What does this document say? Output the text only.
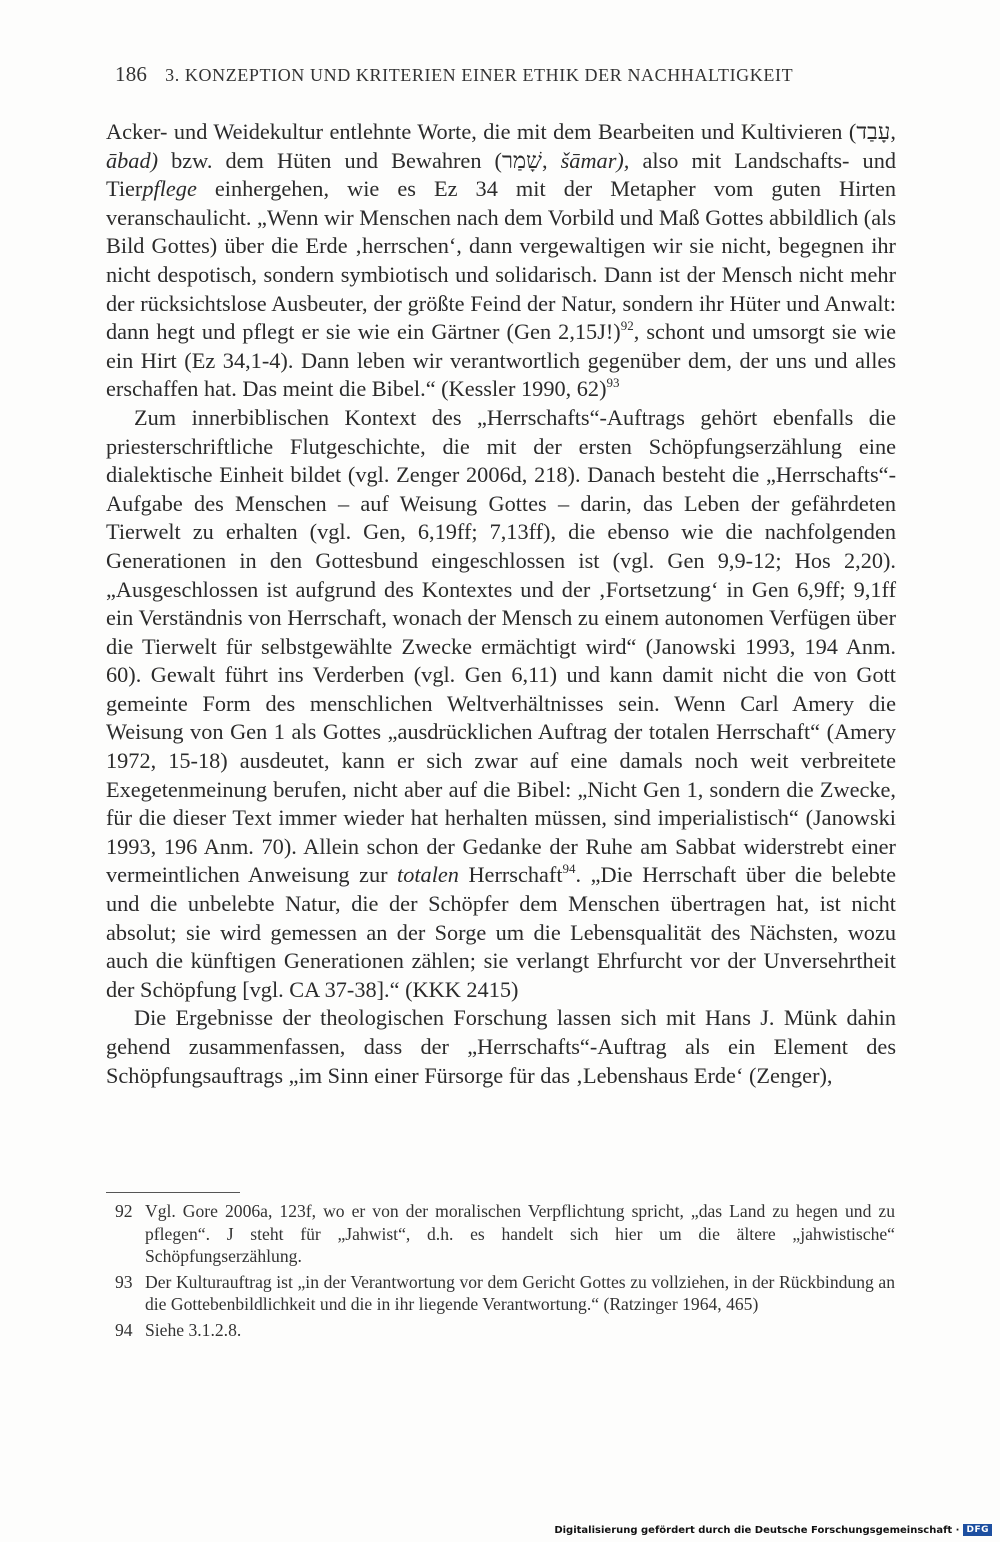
186 3. KONZEPTION UND KRITERIEN EINER ETHIK DER NACHHALTIGKEIT

Acker- und Weidekultur entlehnte Worte, die mit dem Bearbeiten und Kultivieren (עָבַד, ābad) bzw. dem Hüten und Bewahren (שָׁמַר, šāmar), also mit Landschafts- und Tierpflege einhergehen, wie es Ez 34 mit der Metapher vom guten Hirten veranschaulicht. „Wenn wir Menschen nach dem Vorbild und Maß Gottes abbildlich (als Bild Gottes) über die Erde ‚herrschen‘, dann vergewaltigen wir sie nicht, begegnen ihr nicht despotisch, sondern symbiotisch und solidarisch. Dann ist der Mensch nicht mehr der rücksichtslose Ausbeuter, der größte Feind der Natur, sondern ihr Hüter und Anwalt: dann hegt und pflegt er sie wie ein Gärtner (Gen 2,15J!)$^{92}$, schont und umsorgt sie wie ein Hirt (Ez 34,1-4). Dann leben wir verantwortlich gegenüber dem, der uns und alles erschaffen hat. Das meint die Bibel.“ (Kessler 1990, 62)$^{93}$

Zum innerbiblischen Kontext des „Herrschafts“-Auftrags gehört ebenfalls die priesterschriftliche Flutgeschichte, die mit der ersten Schöpfungserzählung eine dialektische Einheit bildet (vgl. Zenger 2006d, 218). Danach besteht die „Herrschafts“-Aufgabe des Menschen – auf Weisung Gottes – darin, das Leben der gefährdeten Tierwelt zu erhalten (vgl. Gen, 6,19ff; 7,13ff), die ebenso wie die nachfolgenden Generationen in den Gottesbund eingeschlossen ist (vgl. Gen 9,9-12; Hos 2,20). „Ausgeschlossen ist aufgrund des Kontextes und der ‚Fortsetzung‘ in Gen 6,9ff; 9,1ff ein Verständnis von Herrschaft, wonach der Mensch zu einem autonomen Verfügen über die Tierwelt für selbstgewählte Zwecke ermächtigt wird“ (Janowski 1993, 194 Anm. 60). Gewalt führt ins Verderben (vgl. Gen 6,11) und kann damit nicht die von Gott gemeinte Form des menschlichen Weltverhältnisses sein. Wenn Carl Amery die Weisung von Gen 1 als Gottes „ausdrücklichen Auftrag der totalen Herrschaft“ (Amery 1972, 15-18) ausdeutet, kann er sich zwar auf eine damals noch weit verbreitete Exegetenmeinung berufen, nicht aber auf die Bibel: „Nicht Gen 1, sondern die Zwecke, für die dieser Text immer wieder hat herhalten müssen, sind imperialistisch“ (Janowski 1993, 196 Anm. 70). Allein schon der Gedanke der Ruhe am Sabbat widerstrebt einer vermeintlichen Anweisung zur totalen Herrschaft$^{94}$. „Die Herrschaft über die belebte und die unbelebte Natur, die der Schöpfer dem Menschen übertragen hat, ist nicht absolut; sie wird gemessen an der Sorge um die Lebensqualität des Nächsten, wozu auch die künftigen Generationen zählen; sie verlangt Ehrfurcht vor der Unversehrtheit der Schöpfung [vgl. CA 37-38].“ (KKK 2415)

Die Ergebnisse der theologischen Forschung lassen sich mit Hans J. Münk dahin gehend zusammenfassen, dass der „Herrschafts“-Auftrag als ein Element des Schöpfungsauftrags „im Sinn einer Fürsorge für das ‚Lebenshaus Erde‘ (Zenger),

92 Vgl. Gore 2006a, 123f, wo er von der moralischen Verpflichtung spricht, „das Land zu hegen und zu pflegen“. J steht für „Jahwist“, d.h. es handelt sich hier um die ältere „jahwistische“ Schöpfungserzählung.
93 Der Kulturauftrag ist „in der Verantwortung vor dem Gericht Gottes zu vollziehen, in der Rückbindung an die Gottebenbildlichkeit und die in ihr liegende Verantwortung.“ (Ratzinger 1964, 465)
94 Siehe 3.1.2.8.
Digitalisierung gefördert durch die Deutsche Forschungsgemeinschaft · DFG
